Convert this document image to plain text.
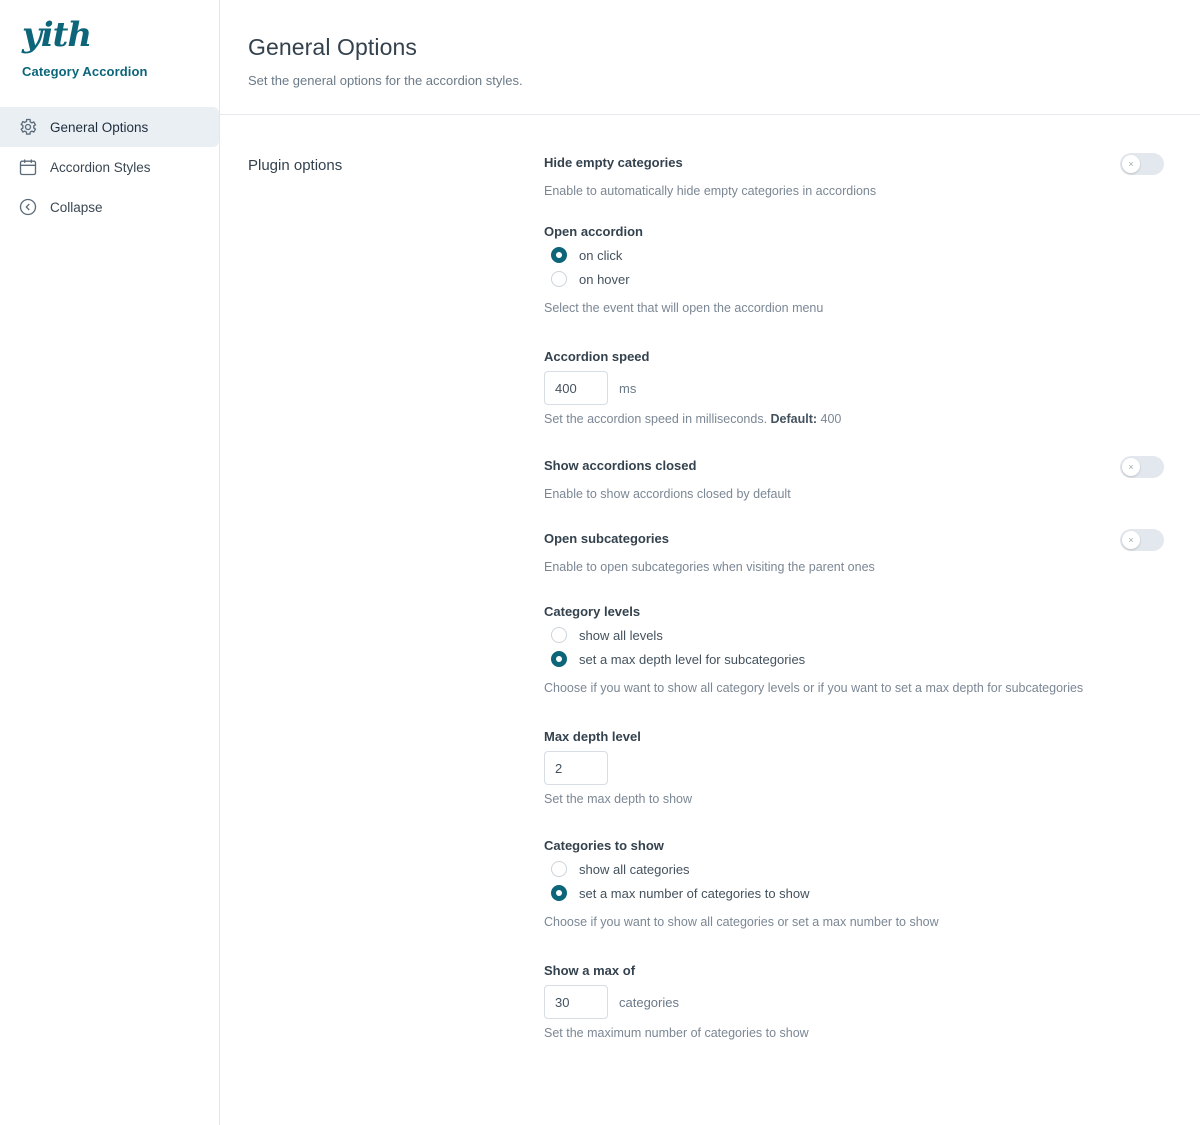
yith
Category Accordion
General Options
Accordion Styles
Collapse
General Options

Set the general options for the accordion styles.

Plugin options	Hide empty categories	×

Enable to automatically hide empty categories in accordions

Open accordion

on click
on hover

Select the event that will open the accordion menu

Accordion speed

400
ms

Set the accordion speed in milliseconds. Default: 400

Show accordions closed	×

Enable to show accordions closed by default

Open subcategories	×

Enable to open subcategories when visiting the parent ones

Category levels

show all levels
set a max depth level for subcategories

Choose if you want to show all category levels or if you want to set a max depth for subcategories

Max depth level

2

Set the max depth to show

Categories to show

show all categories
set a max number of categories to show

Choose if you want to show all categories or set a max number to show

Show a max of

30
categories

Set the maximum number of categories to show
